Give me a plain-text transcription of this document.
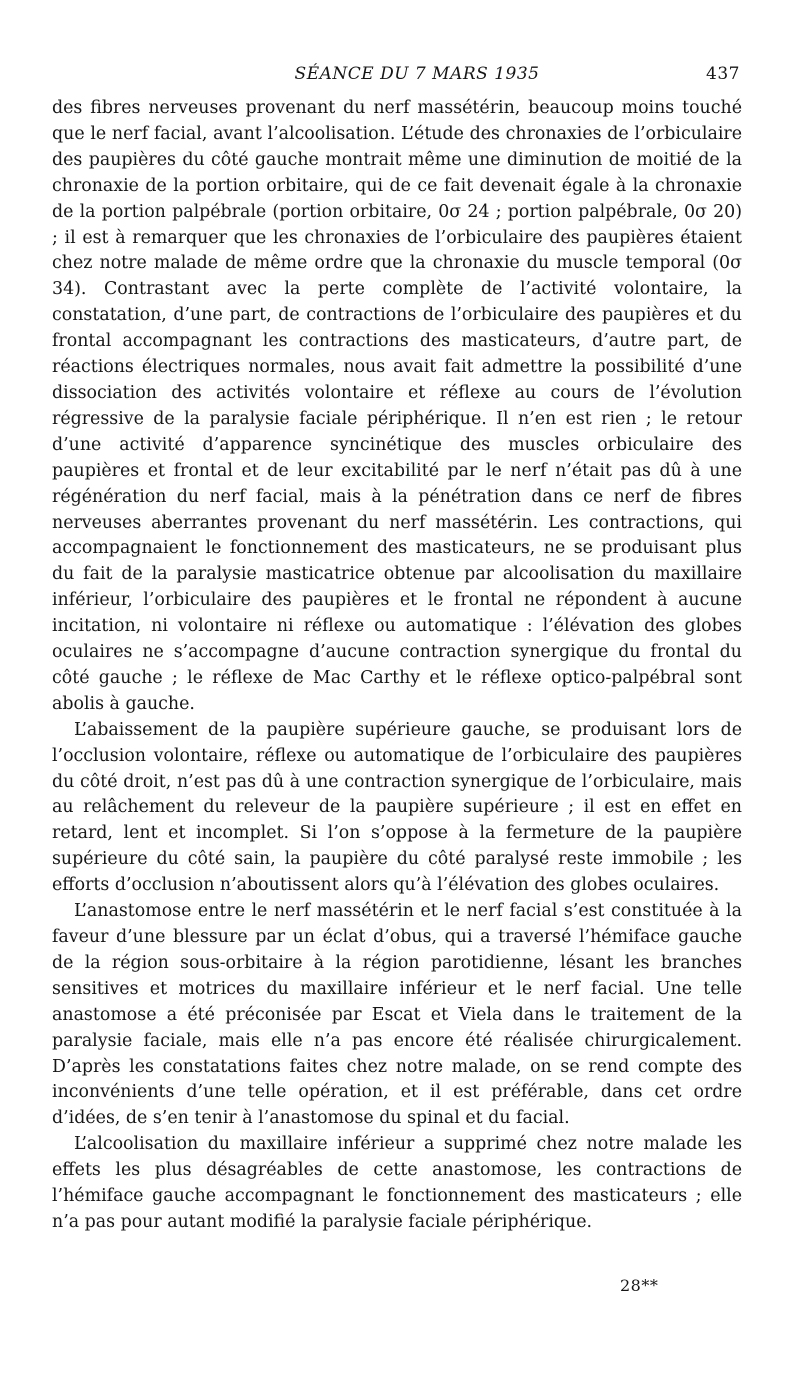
SÉANCE DU 7 MARS 1935	437

des fibres nerveuses provenant du nerf massétérin, beaucoup moins touché que le nerf facial, avant l’alcoolisation. L’étude des chronaxies de l’orbiculaire des paupières du côté gauche montrait même une diminution de moitié de la chronaxie de la portion orbitaire, qui de ce fait devenait égale à la chronaxie de la portion palpébrale (portion orbitaire, 0σ 24 ; portion palpébrale, 0σ 20) ; il est à remarquer que les chronaxies de l’orbiculaire des paupières étaient chez notre malade de même ordre que la chronaxie du muscle temporal (0σ 34). Contrastant avec la perte complète de l’activité volontaire, la constatation, d’une part, de contractions de l’orbiculaire des paupières et du frontal accompagnant les contractions des masticateurs, d’autre part, de réactions électriques normales, nous avait fait admettre la possibilité d’une dissociation des activités volontaire et réflexe au cours de l’évolution régressive de la paralysie faciale périphérique. Il n’en est rien ; le retour d’une activité d’apparence syncinétique des muscles orbiculaire des paupières et frontal et de leur excitabilité par le nerf n’était pas dû à une régénération du nerf facial, mais à la pénétration dans ce nerf de fibres nerveuses aberrantes provenant du nerf massétérin. Les contractions, qui accompagnaient le fonctionnement des masticateurs, ne se produisant plus du fait de la paralysie masticatrice obtenue par alcoolisation du maxillaire inférieur, l’orbiculaire des paupières et le frontal ne répondent à aucune incitation, ni volontaire ni réflexe ou automatique : l’élévation des globes oculaires ne s’accompagne d’aucune contraction synergique du frontal du côté gauche ; le réflexe de Mac Carthy et le réflexe optico-palpébral sont abolis à gauche.

L’abaissement de la paupière supérieure gauche, se produisant lors de l’occlusion volontaire, réflexe ou automatique de l’orbiculaire des paupières du côté droit, n’est pas dû à une contraction synergique de l’orbiculaire, mais au relâchement du releveur de la paupière supérieure ; il est en effet en retard, lent et incomplet. Si l’on s’oppose à la fermeture de la paupière supérieure du côté sain, la paupière du côté paralysé reste immobile ; les efforts d’occlusion n’aboutissent alors qu’à l’élévation des globes oculaires.

L’anastomose entre le nerf massétérin et le nerf facial s’est constituée à la faveur d’une blessure par un éclat d’obus, qui a traversé l’hémiface gauche de la région sous-orbitaire à la région parotidienne, lésant les branches sensitives et motrices du maxillaire inférieur et le nerf facial. Une telle anastomose a été préconisée par Escat et Viela dans le traitement de la paralysie faciale, mais elle n’a pas encore été réalisée chirurgicalement. D’après les constatations faites chez notre malade, on se rend compte des inconvénients d’une telle opération, et il est préférable, dans cet ordre d’idées, de s’en tenir à l’anastomose du spinal et du facial.

L’alcoolisation du maxillaire inférieur a supprimé chez notre malade les effets les plus désagréables de cette anastomose, les contractions de l’hémiface gauche accompagnant le fonctionnement des masticateurs ; elle n’a pas pour autant modifié la paralysie faciale périphérique.

28**
